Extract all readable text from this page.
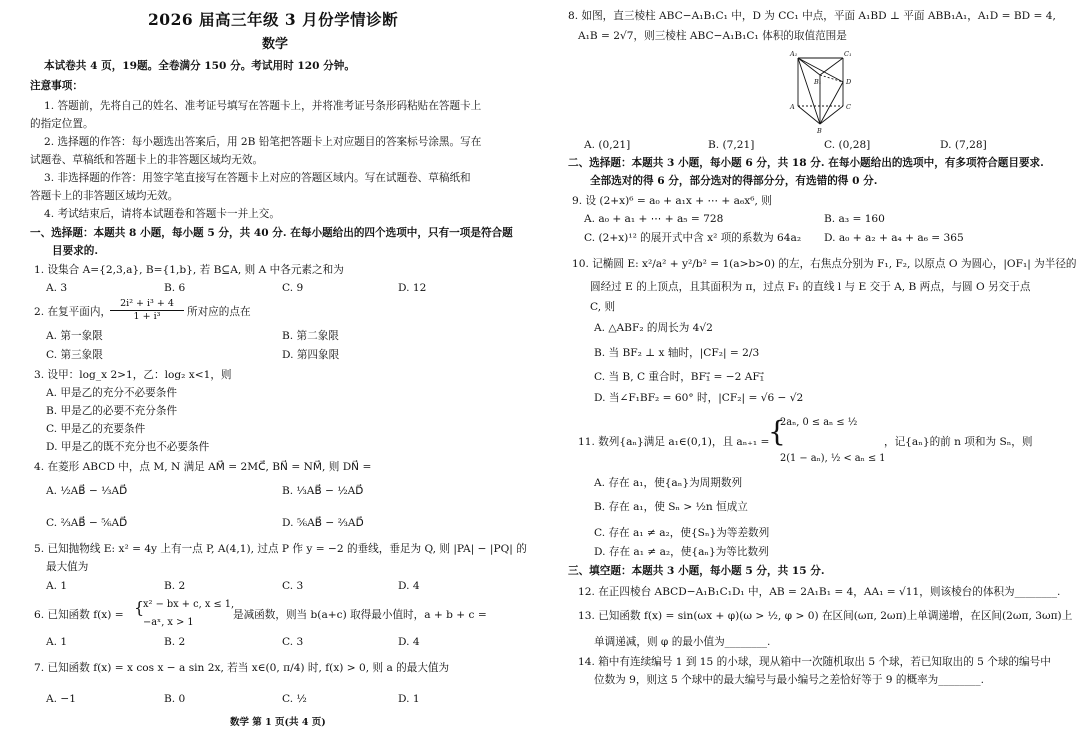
2026 届高三年级 3 月份学情诊断
数学
本试卷共 4 页，19题。全卷满分 150 分。考试用时 120 分钟。
注意事项：
1. 答题前，先将自己的姓名、准考证号填写在答题卡上，并将准考证号条形码粘贴在答题卡上
的指定位置。
2. 选择题的作答：每小题选出答案后，用 2B 铅笔把答题卡上对应题目的答案标号涂黑。写在
试题卷、草稿纸和答题卡上的非答题区域均无效。
3. 非选择题的作答：用签字笔直接写在答题卡上对应的答题区域内。写在试题卷、草稿纸和
答题卡上的非答题区域均无效。
4. 考试结束后，请将本试题卷和答题卡一并上交。
一、选择题：本题共 8 小题，每小题 5 分，共 40 分. 在每小题给出的四个选项中，只有一项是符合题
目要求的.
1. 设集合 A={2,3,a}, B={1,b}, 若 B⊆A, 则 A 中各元素之和为
A. 3	B. 6	C. 9	D. 12
2. 在复平面内，
2i² + i³ + 4
1 + i³	所对应的点在
A. 第一象限	B. 第二象限
C. 第三象限	D. 第四象限
3. 设甲：log_x 2>1，乙：log₂ x<1，则
A. 甲是乙的充分不必要条件
B. 甲是乙的必要不充分条件
C. 甲是乙的充要条件
D. 甲是乙的既不充分也不必要条件
4. 在菱形 ABCD 中，点 M, N 满足 AM⃗ = 2MC⃗, BN⃗ = NM⃗, 则 DN⃗ =
A. ½AB⃗ − ⅓AD⃗	B. ⅓AB⃗ − ½AD⃗
C. ⅔AB⃗ − ⅚AD⃗	D. ⅚AB⃗ − ⅔AD⃗
5. 已知抛物线 E: x² = 4y 上有一点 P, A(4,1), 过点 P 作 y = −2 的垂线，垂足为 Q, 则 |PA| − |PQ| 的
最大值为
A. 1	B. 2	C. 3	D. 4
6. 已知函数 f(x) = {
x² − bx + c, x ≤ 1,
−aˣ, x > 1
是减函数，则当 b(a+c) 取得最小值时，a + b + c =
A. 1	B. 2	C. 3	D. 4
7. 已知函数 f(x) = x cos x − a sin 2x, 若当 x∈(0, π/4) 时, f(x) > 0, 则 a 的最大值为
A. −1	B. 0	C. ½	D. 1
数学 第 1 页(共 4 页)
8. 如图，直三棱柱 ABC−A₁B₁C₁ 中，D 为 CC₁ 中点，平面 A₁BD ⊥ 平面 ABB₁A₁，A₁D = BD = 4,
A₁B = 2√7，则三棱柱 ABC−A₁B₁C₁ 体积的取值范围是
A₁	C₁
B₁	D
A	C
B
A. (0,21]	B. (7,21]	C. (0,28]	D. (7,28]
二、选择题：本题共 3 小题，每小题 6 分，共 18 分. 在每小题给出的选项中，有多项符合题目要求.
全部选对的得 6 分，部分选对的得部分分，有选错的得 0 分.
9. 设 (2+x)⁶ = a₀ + a₁x + ⋯ + a₆x⁶, 则
A. a₀ + a₁ + ⋯ + a₅ = 728	B. a₃ = 160
C. (2+x)¹² 的展开式中含 x² 项的系数为 64a₂ D. a₀ + a₂ + a₄ + a₆ = 365
10. 记椭圆 E: x²/a² + y²/b² = 1(a>b>0) 的左，右焦点分别为 F₁, F₂, 以原点 O 为圆心，|OF₁| 为半径的
圆经过 E 的上顶点，且其面积为 π，过点 F₁ 的直线 l 与 E 交于 A, B 两点，与圆 O 另交于点
C, 则
A. △ABF₂ 的周长为 4√2
B. 当 BF₂ ⊥ x 轴时，|CF₂| = 2/3
C. 当 B, C 重合时，BF₁⃗ = −2 AF₁⃗
D. 当∠F₁BF₂ = 60° 时，|CF₂| = √6 − √2
11. 数列{aₙ}满足 a₁∈(0,1)，且 aₙ₊₁ =
{
2aₙ, 0 ≤ aₙ ≤ ½
2(1 − aₙ), ½ < aₙ ≤ 1
，记{aₙ}的前 n 项和为 Sₙ，则
A. 存在 a₁，使{aₙ}为周期数列
B. 存在 a₁，使 Sₙ > ½n 恒成立
C. 存在 a₁ ≠ a₂，使{Sₙ}为等差数列
D. 存在 a₁ ≠ a₂，使{aₙ}为等比数列
三、填空题：本题共 3 小题，每小题 5 分，共 15 分.
12. 在正四棱台 ABCD−A₁B₁C₁D₁ 中，AB = 2A₁B₁ = 4，AA₁ = √11，则该棱台的体积为________.
13. 已知函数 f(x) = sin(ωx + φ)(ω > ½, φ > 0) 在区间(ωπ, 2ωπ)上单调递增，在区间(2ωπ, 3ωπ)上
单调递减，则 φ 的最小值为________.
14. 箱中有连续编号 1 到 15 的小球，现从箱中一次随机取出 5 个球，若已知取出的 5 个球的编号中
位数为 9，则这 5 个球中的最大编号与最小编号之差恰好等于 9 的概率为________.
